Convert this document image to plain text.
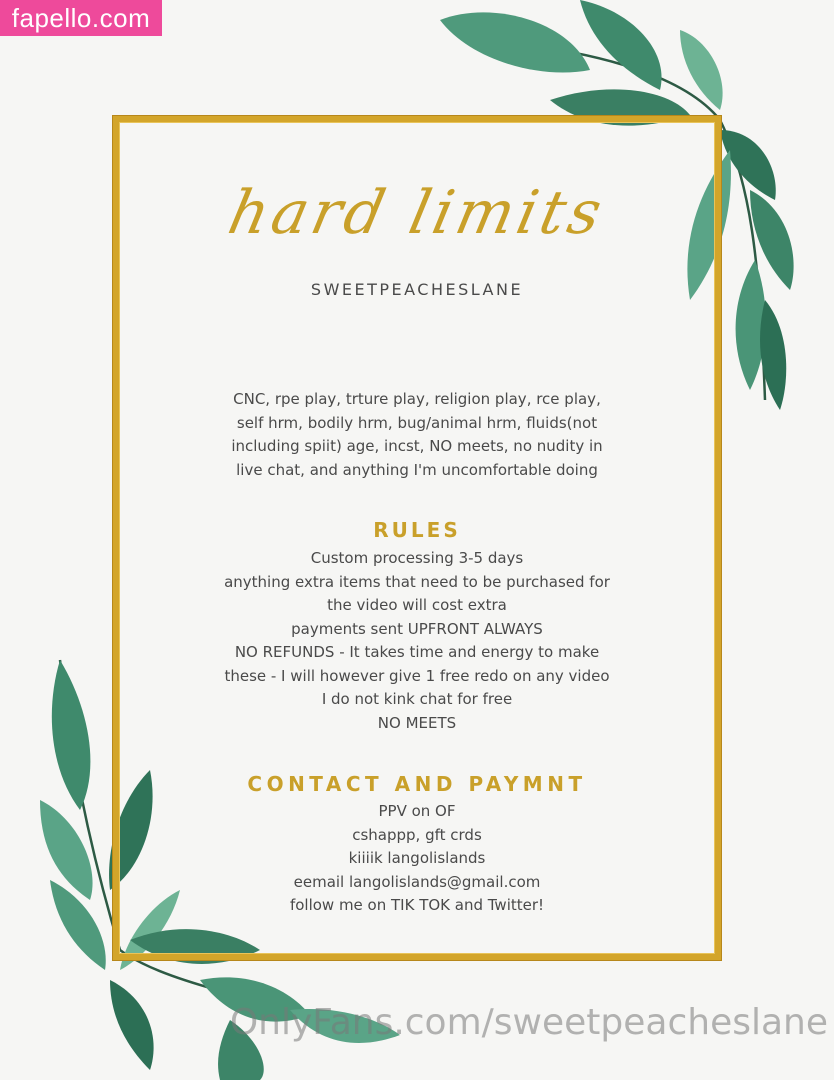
fapello.com
hard limits
SWEETPEACHESLANE
CNC, rpe play, trture play, religion play, rce play,
self hrm, bodily hrm, bug/animal hrm, fluids(not
including spiit) age, incst, NO meets, no nudity in
live chat, and anything I'm uncomfortable doing
RULES
Custom processing 3-5 days
anything extra items that need to be purchased for
the video will cost extra
payments sent UPFRONT ALWAYS
NO REFUNDS - It takes time and energy to make
these - I will however give 1 free redo on any video
I do not kink chat for free
NO MEETS
CONTACT AND PAYMNT
PPV on OF
cshappp, gft crds
kiiiik langolislands
eemail langolislands@gmail.com
follow me on TIK TOK and Twitter!
OnlyFans.com/sweetpeacheslane
